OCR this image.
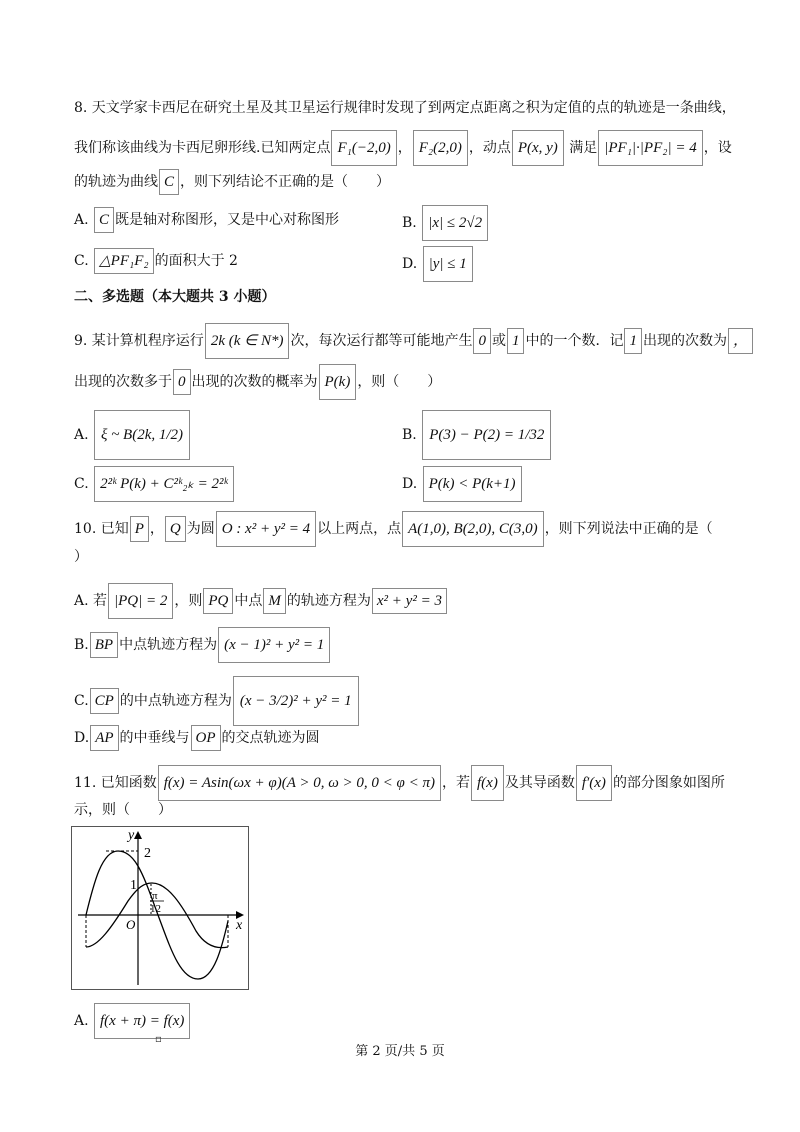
8. 天文学家卡西尼在研究土星及其卫星运行规律时发现了到两定点距离之积为定值的点的轨迹是一条曲线，
我们称该曲线为卡西尼卵形线.已知两定点 F₁(−2,0) ， F₂(2,0) ，动点 P(x, y) 满足 |PF₁|·|PF₂| = 4 ，设
的轨迹为曲线 C ，则下列结论不正确的是（　　）
A. C 既是轴对称图形，又是中心对称图形	B. |x| ≤ 2√2
C. △PF₁F₂ 的面积大于 2	D. |y| ≤ 1
二、多选题（本大题共 3 小题）
9. 某计算机程序运行 2k (k ∈ N*) 次，每次运行都等可能地产生 0 或 1 中的一个数．记 1 出现的次数为 ，
出现的次数多于 0 出现的次数的概率为 P(k) ，则（　　）
A. ξ ~ B(2k, 1/2)	B. P(3) − P(2) = 1/32
C. 2²ᵏ P(k) + C²ᵏ₂ₖ = 2²ᵏ	D. P(k) < P(k+1)
10. 已知 P ， Q 为圆 O : x² + y² = 4 以上两点，点 A(1,0), B(2,0), C(3,0) ，则下列说法中正确的是（
）
A. 若 |PQ| = 2 ，则 PQ 中点 M 的轨迹方程为 x² + y² = 3
B. BP 中点轨迹方程为 (x − 1)² + y² = 1
C. CP 的中点轨迹方程为 (x − 3/2)² + y² = 1
D. AP 的中垂线与 OP 的交点轨迹为圆
11. 已知函数 f(x) = Asin(ωx + φ)(A > 0, ω > 0, 0 < φ < π) ，若 f(x) 及其导函数 f′(x) 的部分图象如图所
示，则（　　）
y
x
O
2
1
π
12
A. f(x + π) = f(x)
▫
第 2 页/共 5 页
